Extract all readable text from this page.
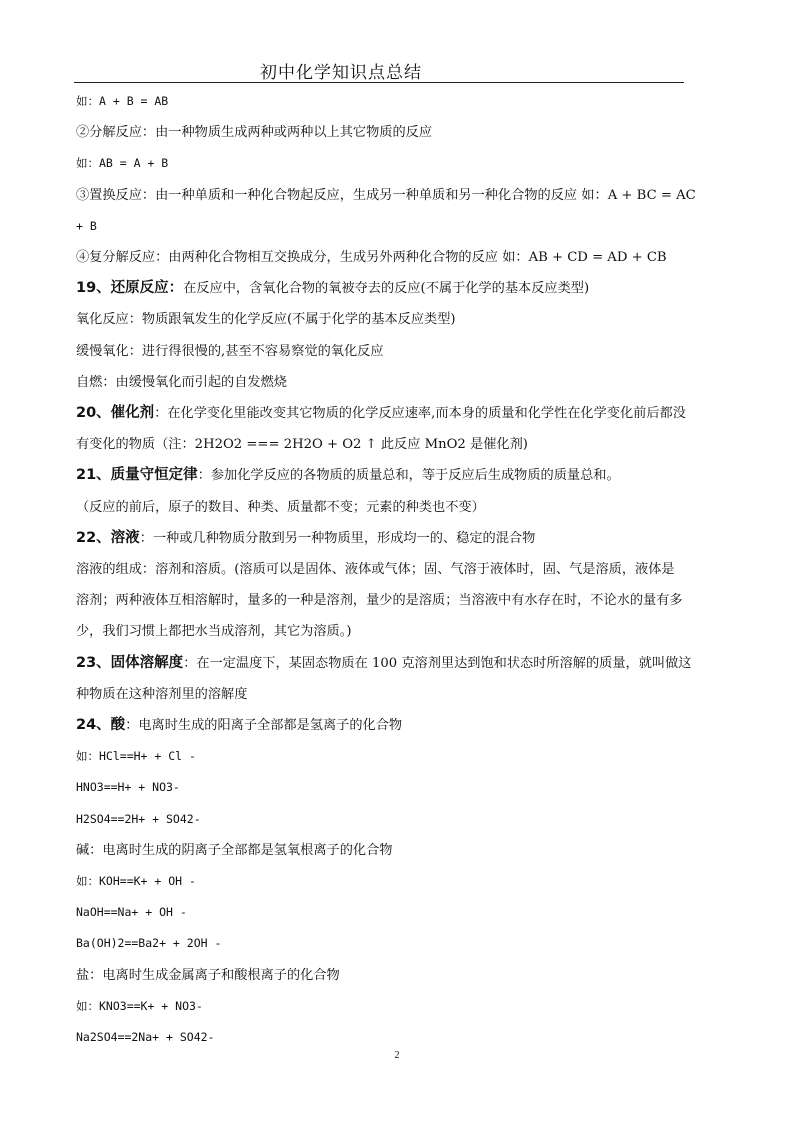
初中化学知识点总结
如：A + B = AB
②分解反应：由一种物质生成两种或两种以上其它物质的反应
如：AB = A + B
③置换反应：由一种单质和一种化合物起反应，生成另一种单质和另一种化合物的反应 如：A + BC = AC
+ B
④复分解反应：由两种化合物相互交换成分，生成另外两种化合物的反应 如：AB + CD = AD + CB
19、还原反应：在反应中，含氧化合物的氧被夺去的反应(不属于化学的基本反应类型)
氧化反应：物质跟氧发生的化学反应(不属于化学的基本反应类型)
缓慢氧化：进行得很慢的,甚至不容易察觉的氧化反应
自燃：由缓慢氧化而引起的自发燃烧
20、催化剂：在化学变化里能改变其它物质的化学反应速率,而本身的质量和化学性在化学变化前后都没
有变化的物质（注：2H2O2 === 2H2O + O2 ↑ 此反应 MnO2 是催化剂)
21、质量守恒定律：参加化学反应的各物质的质量总和，等于反应后生成物质的质量总和。
（反应的前后，原子的数目、种类、质量都不变；元素的种类也不变）
22、溶液：一种或几种物质分散到另一种物质里，形成均一的、稳定的混合物
溶液的组成：溶剂和溶质。(溶质可以是固体、液体或气体；固、气溶于液体时，固、气是溶质，液体是
溶剂；两种液体互相溶解时，量多的一种是溶剂，量少的是溶质；当溶液中有水存在时，不论水的量有多
少，我们习惯上都把水当成溶剂，其它为溶质。)
23、固体溶解度：在一定温度下，某固态物质在 100 克溶剂里达到饱和状态时所溶解的质量，就叫做这
种物质在这种溶剂里的溶解度
24、酸：电离时生成的阳离子全部都是氢离子的化合物
如：HCl==H+ + Cl -
HNO3==H+ + NO3-
H2SO4==2H+ + SO42-
碱：电离时生成的阴离子全部都是氢氧根离子的化合物
如：KOH==K+ + OH -
NaOH==Na+ + OH -
Ba(OH)2==Ba2+ + 2OH -
盐：电离时生成金属离子和酸根离子的化合物
如：KNO3==K+ + NO3-
Na2SO4==2Na+ + SO42-
2
